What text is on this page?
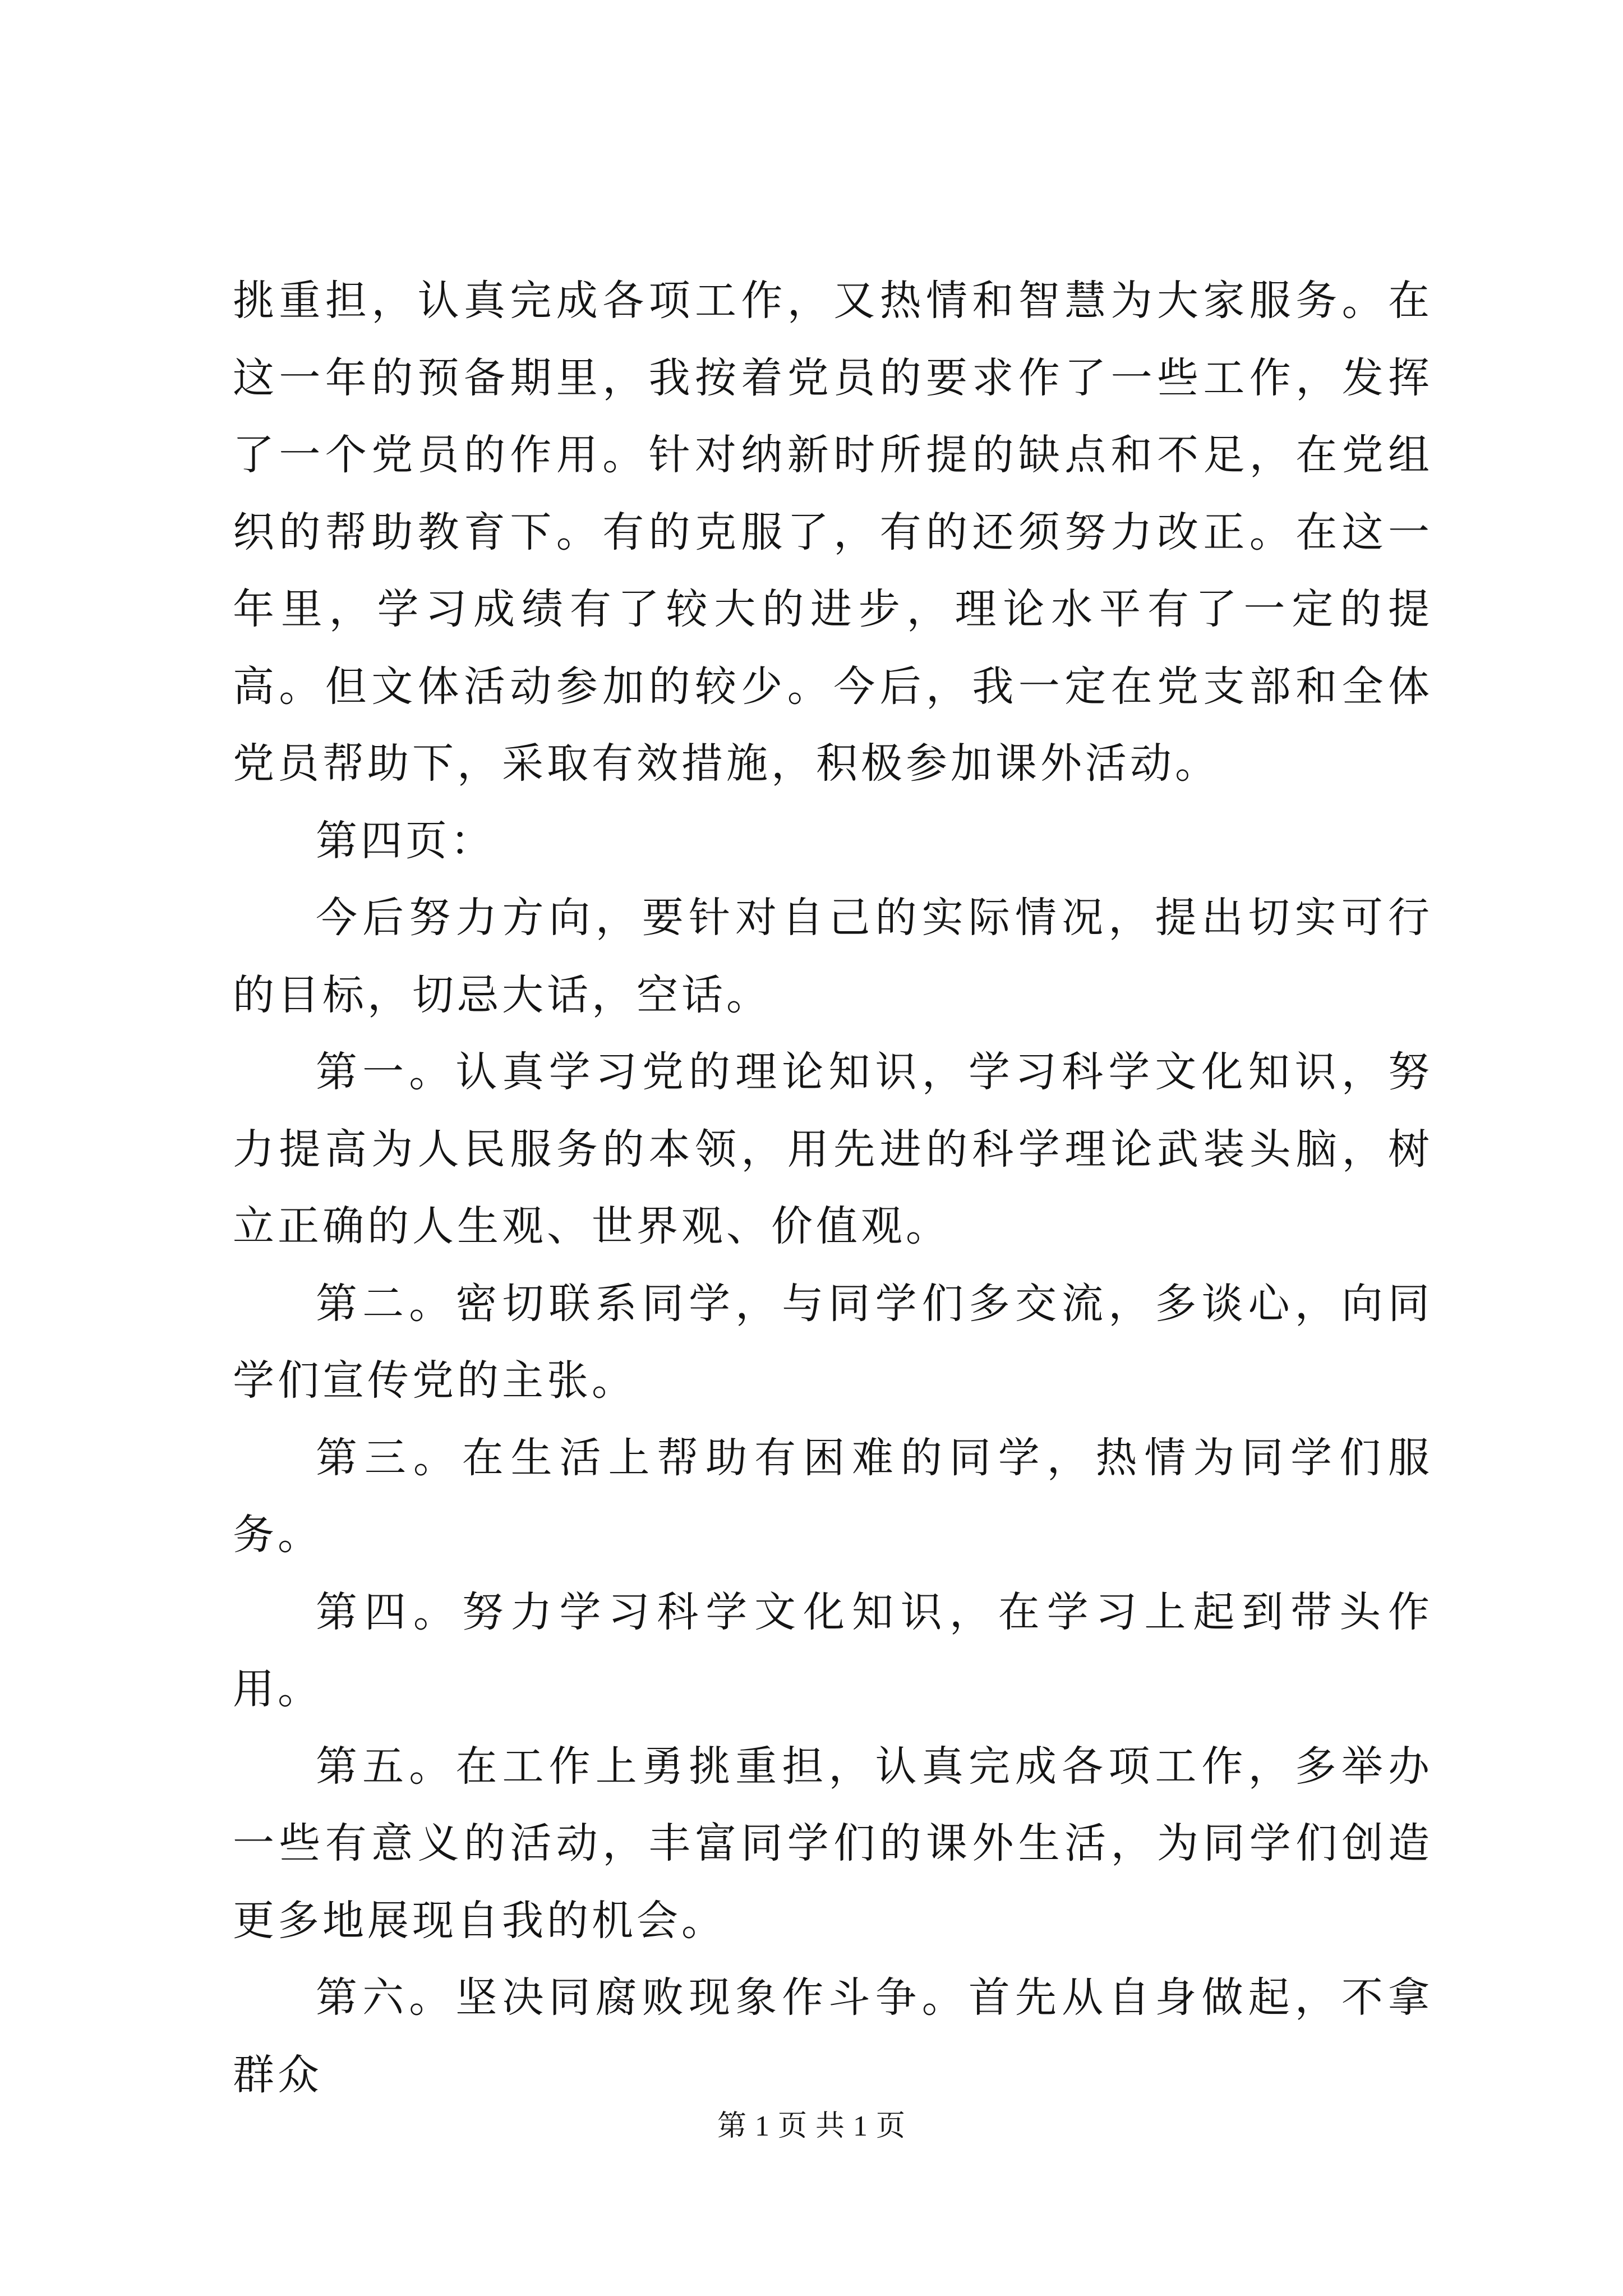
挑重担，认真完成各项工作，又热情和智慧为大家服务。在这一年的预备期里，我按着党员的要求作了一些工作，发挥了一个党员的作用。针对纳新时所提的缺点和不足，在党组织的帮助教育下。有的克服了，有的还须努力改正。在这一年里，学习成绩有了较大的进步，理论水平有了一定的提高。但文体活动参加的较少。今后，我一定在党支部和全体党员帮助下，采取有效措施，积极参加课外活动。

第四页：

今后努力方向，要针对自己的实际情况，提出切实可行的目标，切忌大话，空话。

第一。认真学习党的理论知识，学习科学文化知识，努力提高为人民服务的本领，用先进的科学理论武装头脑，树立正确的人生观、世界观、价值观。

第二。密切联系同学，与同学们多交流，多谈心，向同学们宣传党的主张。

第三。在生活上帮助有困难的同学，热情为同学们服务。

第四。努力学习科学文化知识，在学习上起到带头作用。

第五。在工作上勇挑重担，认真完成各项工作，多举办一些有意义的活动，丰富同学们的课外生活，为同学们创造更多地展现自我的机会。

第六。坚决同腐败现象作斗争。首先从自身做起，不拿群众

第 1 页 共 1 页
